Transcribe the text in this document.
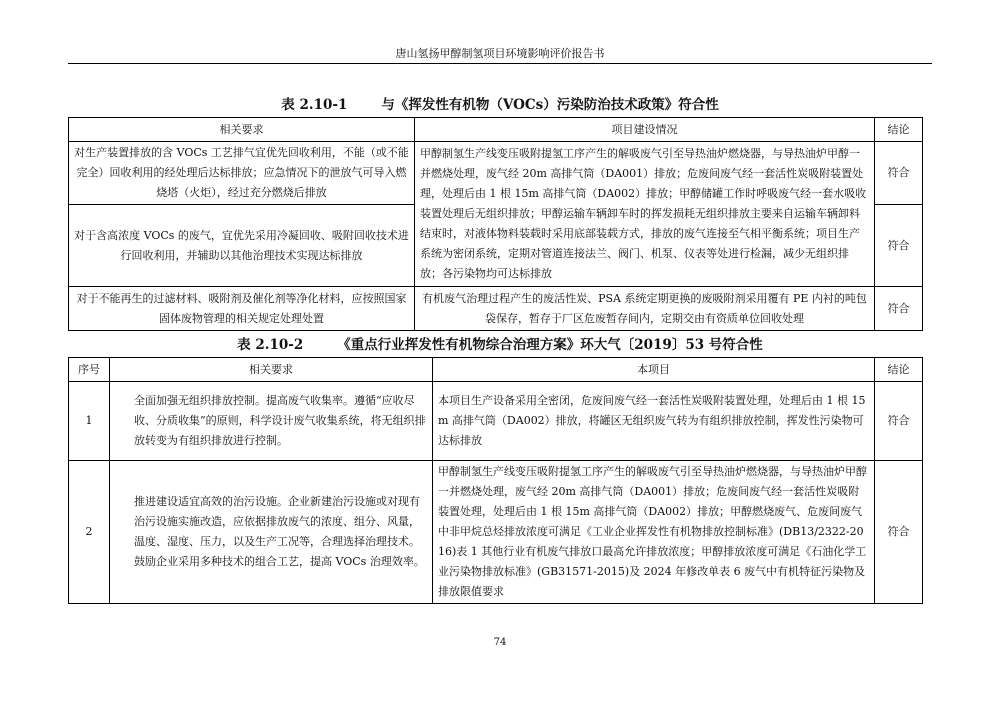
唐山氢扬甲醇制氢项目环境影响评价报告书
表 2.10-1	与《挥发性有机物（VOCs）污染防治技术政策》符合性
相关要求	项目建设情况	结论
对生产装置排放的含 VOCs 工艺排气宜优先回收利用，不能（或不能完全）回收利用的经处理后达标排放；应急情况下的泄放气可导入燃烧塔（火炬），经过充分燃烧后排放	甲醇制氢生产线变压吸附提氢工序产生的解吸废气引至导热油炉燃烧器，与导热油炉甲醇一并燃烧处理，废气经 20m 高排气筒（DA001）排放；危废间废气经一套活性炭吸附装置处理，处理后由 1 根 15m 高排气筒（DA002）排放；甲醇储罐工作时呼吸废气经一套水吸收装置处理后无组织排放；甲醇运输车辆卸车时的挥发损耗无组织排放主要来自运输车辆卸料结束时，对液体物料装载时采用底部装载方式，排放的废气连接至气相平衡系统；项目生产系统为密闭系统，定期对管道连接法兰、阀门、机泵、仪表等处进行检漏，减少无组织排放；各污染物均可达标排放	符合
对于含高浓度 VOCs 的废气，宜优先采用冷凝回收、吸附回收技术进行回收利用，并辅助以其他治理技术实现达标排放		符合
对于不能再生的过滤材料、吸附剂及催化剂等净化材料，应按照国家固体废物管理的相关规定处理处置	有机废气治理过程产生的废活性炭、PSA 系统定期更换的废吸附剂采用覆有 PE 内衬的吨包袋保存，暂存于厂区危废暂存间内，定期交由有资质单位回收处理	符合
表 2.10-2	《重点行业挥发性有机物综合治理方案》环大气〔2019〕53 号符合性
序号	相关要求	本项目	结论
1	全面加强无组织排放控制。提高废气收集率。遵循“应收尽收、分质收集”的原则，科学设计废气收集系统，将无组织排放转变为有组织排放进行控制。	本项目生产设备采用全密闭，危废间废气经一套活性炭吸附装置处理，处理后由 1 根 15m 高排气筒（DA002）排放，将罐区无组织废气转为有组织排放控制，挥发性污染物可达标排放	符合
2	推进建设适宜高效的治污设施。企业新建治污设施或对现有治污设施实施改造，应依据排放废气的浓度、组分、风量，温度、湿度、压力，以及生产工况等，合理选择治理技术。鼓励企业采用多种技术的组合工艺，提高 VOCs 治理效率。	甲醇制氢生产线变压吸附提氢工序产生的解吸废气引至导热油炉燃烧器，与导热油炉甲醇一并燃烧处理，废气经 20m 高排气筒（DA001）排放；危废间废气经一套活性炭吸附装置处理，处理后由 1 根 15m 高排气筒（DA002）排放；甲醇燃烧废气、危废间废气中非甲烷总烃排放浓度可满足《工业企业挥发性有机物排放控制标准》(DB13/2322-2016)表 1 其他行业有机废气排放口最高允许排放浓度；甲醇排放浓度可满足《石油化学工业污染物排放标准》(GB31571-2015)及 2024 年修改单表 6 废气中有机特征污染物及排放限值要求	符合
74
